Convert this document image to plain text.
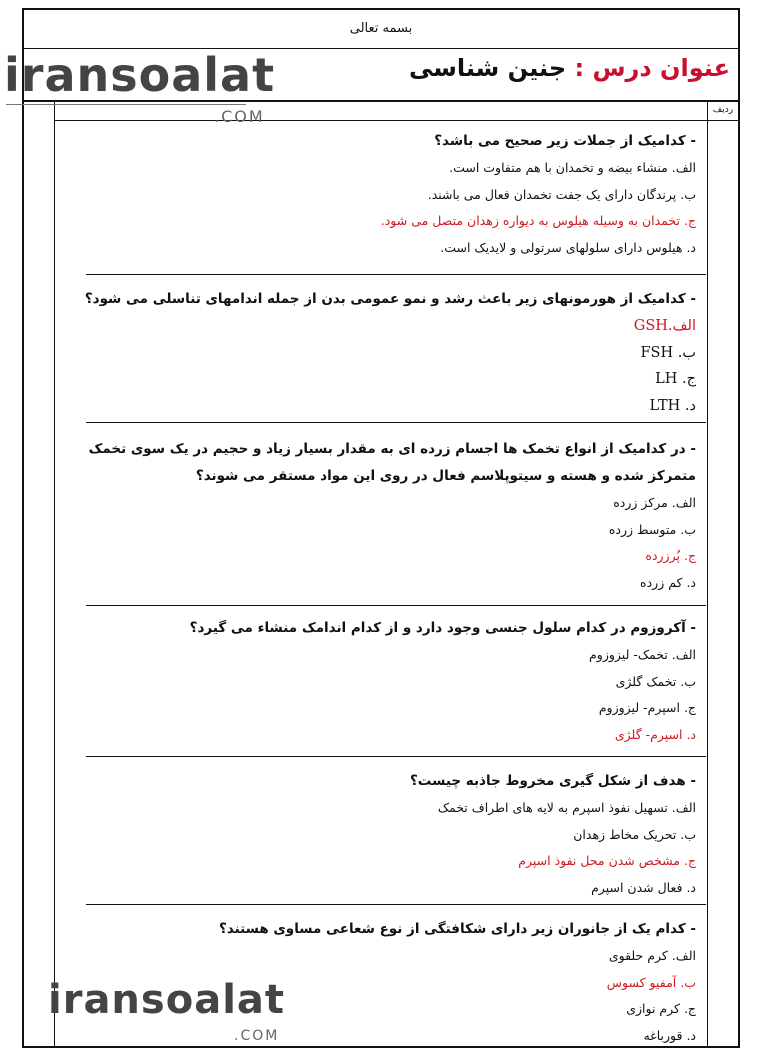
بسمه تعالی
عنوان درس : جنین شناسی
ردیف
- کدامیک از جملات زیر صحیح می باشد؟
الف. منشاء بیضه و تخمدان با هم متفاوت است.
ب. پرندگان دارای یک جفت تخمدان فعال می باشند.
ج. تخمدان به وسیله هیلوس به دیواره زهدان متصل می شود.
د. هیلوس دارای سلولهای سرتولی و لایدیک است.
- کدامیک از هورمونهای زیر باعث رشد و نمو عمومی بدن از جمله اندامهای تناسلی می شود؟
الف.GSH
ب. FSH
ج. LH
د. LTH
- در کدامیک از انواع تخمک ها اجسام زرده ای به مقدار بسیار زیاد و حجیم در یک سوی تخمک متمرکز شده و هسته و سیتوپلاسم فعال در روی این مواد مستقر می شوند؟
الف. مرکز زرده
ب. متوسط زرده
ج. پُرزرده
د. کم زرده
- آکروزوم در کدام سلول جنسی وجود دارد و از کدام اندامک منشاء می گیرد؟
الف. تخمک- لیزوزوم
ب. تخمک گلژی
ج. اسپرم- لیزوزوم
د. اسپرم- گلژی
- هدف از شکل گیری مخروط جاذبه چیست؟
الف. تسهیل نفوذ اسپرم به لایه های اطراف تخمک
ب. تحریک مخاط زهدان
ج. مشخص شدن محل نفوذ اسپرم
د. فعال شدن اسپرم
- کدام یک از جانوران زیر دارای شکافتگی از نوع شعاعی مساوی هستند؟
الف. کرم حلقوی
ب. آمفیو کسوس
ج. کرم نوازی
د. قورباغه
iransoalat
.COM
iransoalat
.COM
